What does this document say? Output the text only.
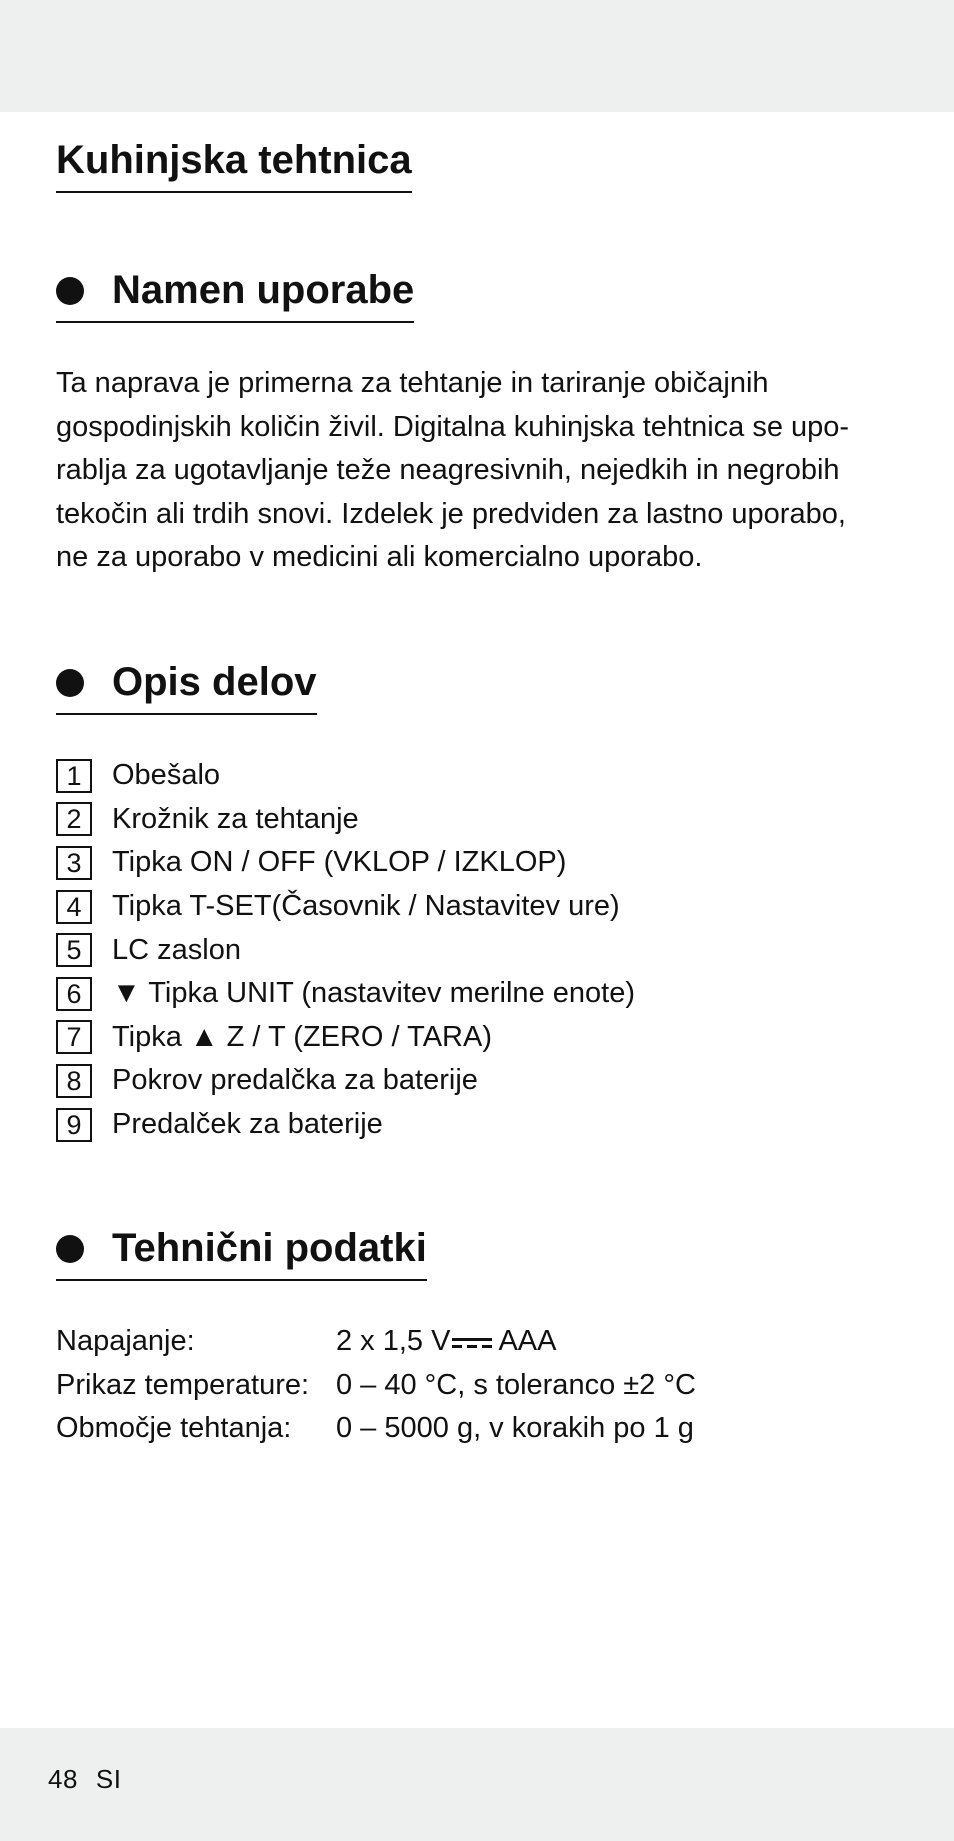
Kuhinjska tehtnica
Namen uporabe
Ta naprava je primerna za tehtanje in tariranje običajnih
gospodinjskih količin živil. Digitalna kuhinjska tehtnica se upo-
rablja za ugotavljanje teže neagresivnih, nejedkih in negrobih
tekočin ali trdih snovi. Izdelek je predviden za lastno uporabo,
ne za uporabo v medicini ali komercialno uporabo.
Opis delov
1	Obešalo
2	Krožnik za tehtanje
3	Tipka ON / OFF (VKLOP / IZKLOP)
4	Tipka T-SET(Časovnik / Nastavitev ure)
5	LC zaslon
6	▼ Tipka UNIT (nastavitev merilne enote)
7	Tipka ▲ Z / T (ZERO / TARA)
8	Pokrov predalčka za baterije
9	Predalček za baterije
Tehnični podatki
Napajanje:	2 x 1,5 V AAA
Prikaz temperature: 0 – 40 °C, s toleranco ±2 °C
Območje tehtanja:	0 – 5000 g, v korakih po 1 g
48 SI
